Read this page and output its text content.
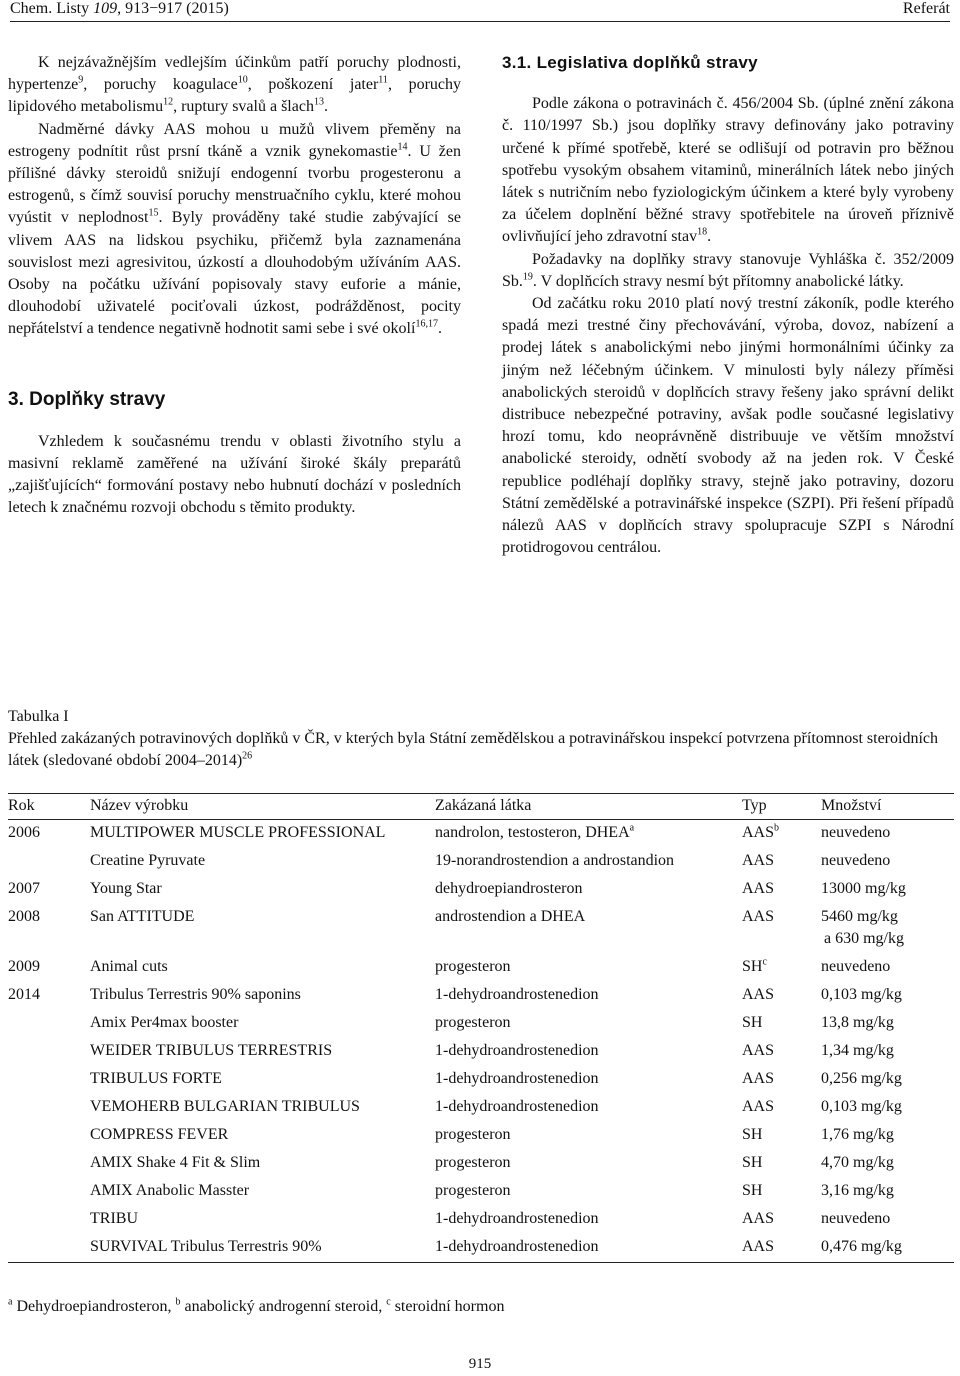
Chem. Listy 109, 913−917 (2015)	Referát

K nejzávažnějším vedlejším účinkům patří poruchy plodnosti, hypertenze$^9$, poruchy koagulace$^{10}$, poškození jater$^{11}$, poruchy lipidového metabolismu$^{12}$, ruptury svalů a šlach$^{13}$.

Nadměrné dávky AAS mohou u mužů vlivem přeměny na estrogeny podnítit růst prsní tkáně a vznik gynekomastie$^{14}$. U žen přílišné dávky steroidů snižují endogenní tvorbu progesteronu a estrogenů, s čímž souvisí poruchy menstruačního cyklu, které mohou vyústit v neplodnost$^{15}$. Byly prováděny také studie zabývající se vlivem AAS na lidskou psychiku, přičemž byla zaznamenána souvislost mezi agresivitou, úzkostí a dlouhodobým užíváním AAS. Osoby na počátku užívání popisovaly stavy euforie a mánie, dlouhodobí uživatelé pociťovali úzkost, podrážděnost, pocity nepřátelství a tendence negativně hodnotit sami sebe i své okolí$^{16,17}$.

3. Doplňky stravy

Vzhledem k současnému trendu v oblasti životního stylu a masivní reklamě zaměřené na užívání široké škály preparátů „zajišťujících“ formování postavy nebo hubnutí dochází v posledních letech k značnému rozvoji obchodu s těmito produkty.

3.1. Legislativa doplňků stravy

Podle zákona o potravinách č. 456/2004 Sb. (úplné znění zákona č. 110/1997 Sb.) jsou doplňky stravy definovány jako potraviny určené k přímé spotřebě, které se odlišují od potravin pro běžnou spotřebu vysokým obsahem vitaminů, minerálních látek nebo jiných látek s nutričním nebo fyziologickým účinkem a které byly vyrobeny za účelem doplnění běžné stravy spotřebitele na úroveň příznivě ovlivňující jeho zdravotní stav$^{18}$.

Požadavky na doplňky stravy stanovuje Vyhláška č. 352/2009 Sb.$^{19}$. V doplňcích stravy nesmí být přítomny anabolické látky.

Od začátku roku 2010 platí nový trestní zákoník, podle kterého spadá mezi trestné činy přechovávání, výroba, dovoz, nabízení a prodej látek s anabolickými nebo jinými hormonálními účinky za jiným než léčebným účinkem. V minulosti byly nálezy příměsi anabolických steroidů v doplňcích stravy řešeny jako správní delikt distribuce nebezpečné potraviny, avšak podle současné legislativy hrozí tomu, kdo neoprávněně distribuuje ve větším množství anabolické steroidy, odnětí svobody až na jeden rok. V České republice podléhají doplňky stravy, stejně jako potraviny, dozoru Státní zemědělské a potravinářské inspekce (SZPI). Při řešení případů nálezů AAS v doplňcích stravy spolupracuje SZPI s Národní protidrogovou centrálou.

Tabulka I
Přehled zakázaných potravinových doplňků v ČR, v kterých byla Státní zemědělskou a potravinářskou inspekcí potvrzena přítomnost steroidních látek (sledované období 2004–2014)$^{26}$
Rok	Název výrobku	Zakázaná látka	Typ	Množství
2006	MULTIPOWER MUSCLE PROFESSIONAL	nandrolon, testosteron, DHEA$^a$	AAS$^b$	neuvedeno
	Creatine Pyruvate	19-norandrostendion a androstandion	AAS	neuvedeno
2007	Young Star	dehydroepiandrosteron	AAS	13000 mg/kg
2008	San ATTITUDE	androstendion a DHEA	AAS	5460 mg/kg
a 630 mg/kg

2009	Animal cuts	progesteron	$SH^c$	neuvedeno
2014	Tribulus Terrestris 90% saponins	1-dehydroandrostenedion	AAS	0,103 mg/kg
	Amix Per4max booster	progesteron	SH	13,8 mg/kg
	WEIDER TRIBULUS TERRESTRIS	1-dehydroandrostenedion	AAS	1,34 mg/kg
	TRIBULUS FORTE	1-dehydroandrostenedion	AAS	0,256 mg/kg
	VEMOHERB BULGARIAN TRIBULUS	1-dehydroandrostenedion	AAS	0,103 mg/kg
	COMPRESS FEVER	progesteron	SH	1,76 mg/kg
	AMIX Shake 4 Fit & Slim	progesteron	SH	4,70 mg/kg
	AMIX Anabolic Masster	progesteron	SH	3,16 mg/kg
	TRIBU	1-dehydroandrostenedion	AAS	neuvedeno
	SURVIVAL Tribulus Terrestris 90%	1-dehydroandrostenedion	AAS	0,476 mg/kg
$^a$ Dehydroepiandrosteron, $^b$ anabolický androgenní steroid, $^c$ steroidní hormon
915
